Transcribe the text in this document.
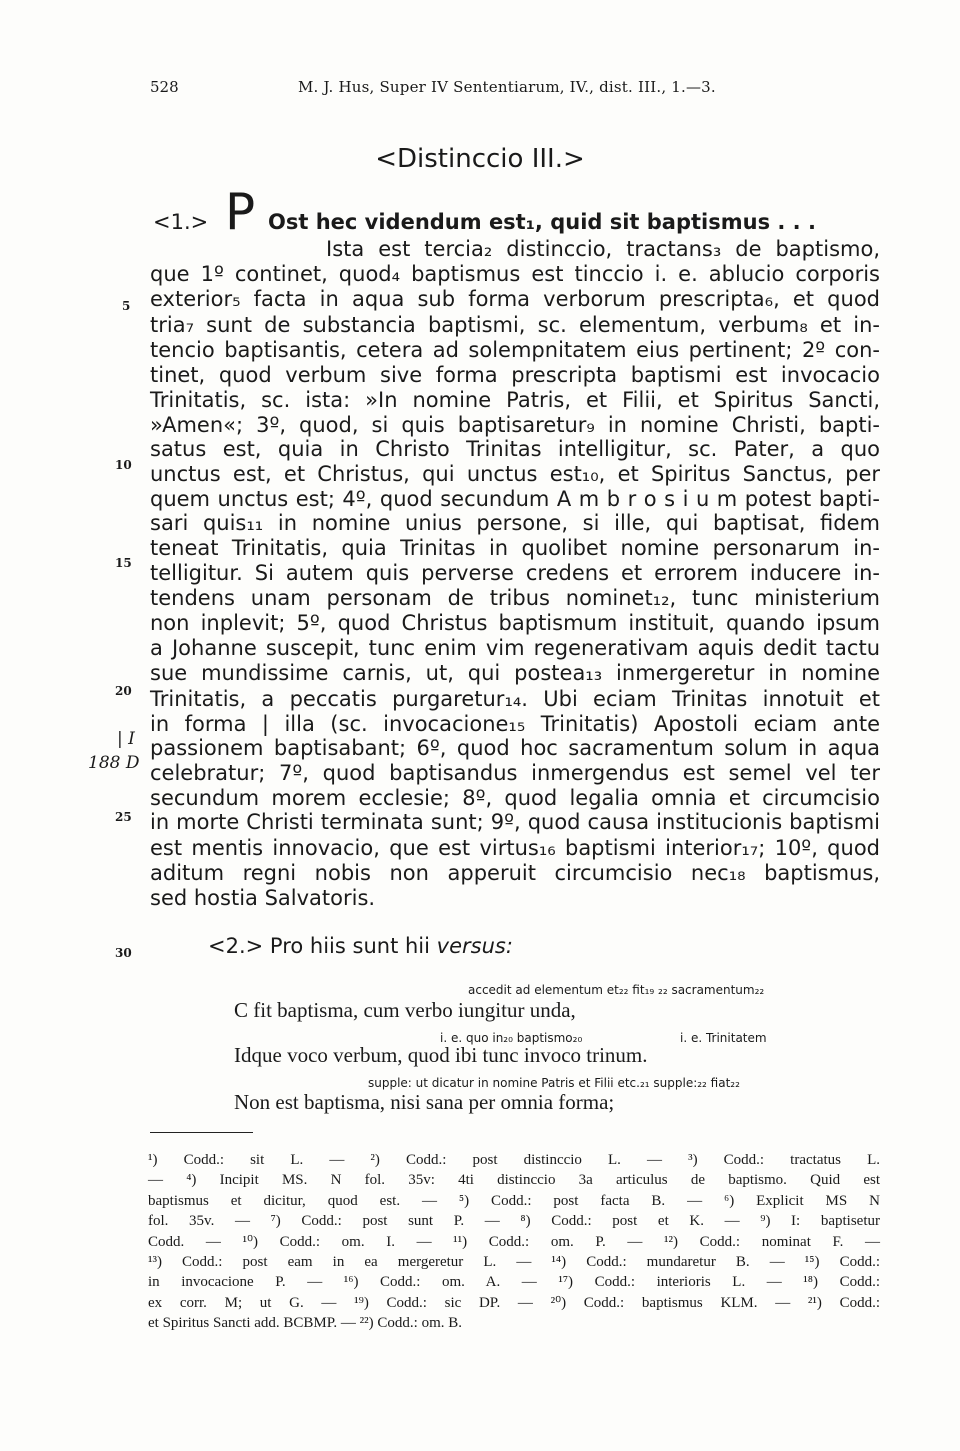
528	M. J. Hus, Super IV Sententiarum, IV., dist. III., 1.—3.
<Distinccio III.>
<1.> P Ost hec videndum est₁, quid sit baptismus . . .
Ista est tercia₂ distinccio, tractans₃ de baptismo,
que 1º continet, quod₄ baptismus est tinccio i. e. ablucio corporis
exterior₅ facta in aqua sub forma verborum prescripta₆, et quod
tria₇ sunt de substancia baptismi, sc. elementum, verbum₈ et in-
tencio baptisantis, cetera ad solempnitatem eius pertinent; 2º con-
tinet, quod verbum sive forma prescripta baptismi est invocacio
Trinitatis, sc. ista: »In nomine Patris, et Filii, et Spiritus Sancti,
»Amen«; 3º, quod, si quis baptisaretur₉ in nomine Christi, bapti-
satus est, quia in Christo Trinitas intelligitur, sc. Pater, a quo
unctus est, et Christus, qui unctus est₁₀, et Spiritus Sanctus, per
quem unctus est; 4º, quod secundum A m b r o s i u m potest bapti-
sari quis₁₁ in nomine unius persone, si ille, qui baptisat, fidem
teneat Trinitatis, quia Trinitas in quolibet nomine personarum in-
telligitur. Si autem quis perverse credens et errorem inducere in-
tendens unam personam de tribus nominet₁₂, tunc ministerium
non inplevit; 5º, quod Christus baptismum instituit, quando ipsum
a Johanne suscepit, tunc enim vim regenerativam aquis dedit tactu
sue mundissime carnis, ut, qui postea₁₃ inmergeretur in nomine
Trinitatis, a peccatis purgaretur₁₄. Ubi eciam Trinitas innotuit et
in forma | illa (sc. invocacione₁₅ Trinitatis) Apostoli eciam ante
passionem baptisabant; 6º, quod hoc sacramentum solum in aqua
celebratur; 7º, quod baptisandus inmergendus est semel vel ter
secundum morem ecclesie; 8º, quod legalia omnia et circumcisio
in morte Christi terminata sunt; 9º, quod causa institucionis baptismi
est mentis innovacio, que est virtus₁₆ baptismi interior₁₇; 10º, quod
aditum regni nobis non apperuit circumcisio nec₁₈ baptismus,
sed hostia Salvatoris.
5
10
15
20
25
30
| I
188 D
<2.> Pro hiis sunt hii versus:
accedit ad elementum et₂₂ fit₁₉ ₂₂ sacramentum₂₂
C fit baptisma, cum verbo iungitur unda,
i. e. quo in₂₀ baptismo₂₀	i. e. Trinitatem
Idque voco verbum, quod ibi tunc invoco trinum.
supple: ut dicatur in nomine Patris et Filii etc.₂₁ supple:₂₂ fiat₂₂
Non est baptisma, nisi sana per omnia forma;
¹) Codd.: sit L. — ²) Codd.: post distinccio L. — ³) Codd.: tractatus L.
— ⁴) Incipit MS. N fol. 35v: 4ti distinccio 3a articulus de baptismo. Quid est
baptismus et dicitur, quod est. — ⁵) Codd.: post facta B. — ⁶) Explicit MS N
fol. 35v. — ⁷) Codd.: post sunt P. — ⁸) Codd.: post et K. — ⁹) I: baptisetur
Codd. — ¹⁰) Codd.: om. I. — ¹¹) Codd.: om. P. — ¹²) Codd.: nominat F. —
¹³) Codd.: post eam in ea mergeretur L. — ¹⁴) Codd.: mundaretur B. — ¹⁵) Codd.:
in invocacione P. — ¹⁶) Codd.: om. A. — ¹⁷) Codd.: interioris L. — ¹⁸) Codd.:
ex corr. M; ut G. — ¹⁹) Codd.: sic DP. — ²⁰) Codd.: baptismus KLM. — ²¹) Codd.:
et Spiritus Sancti add. BCBMP. — ²²) Codd.: om. B.
